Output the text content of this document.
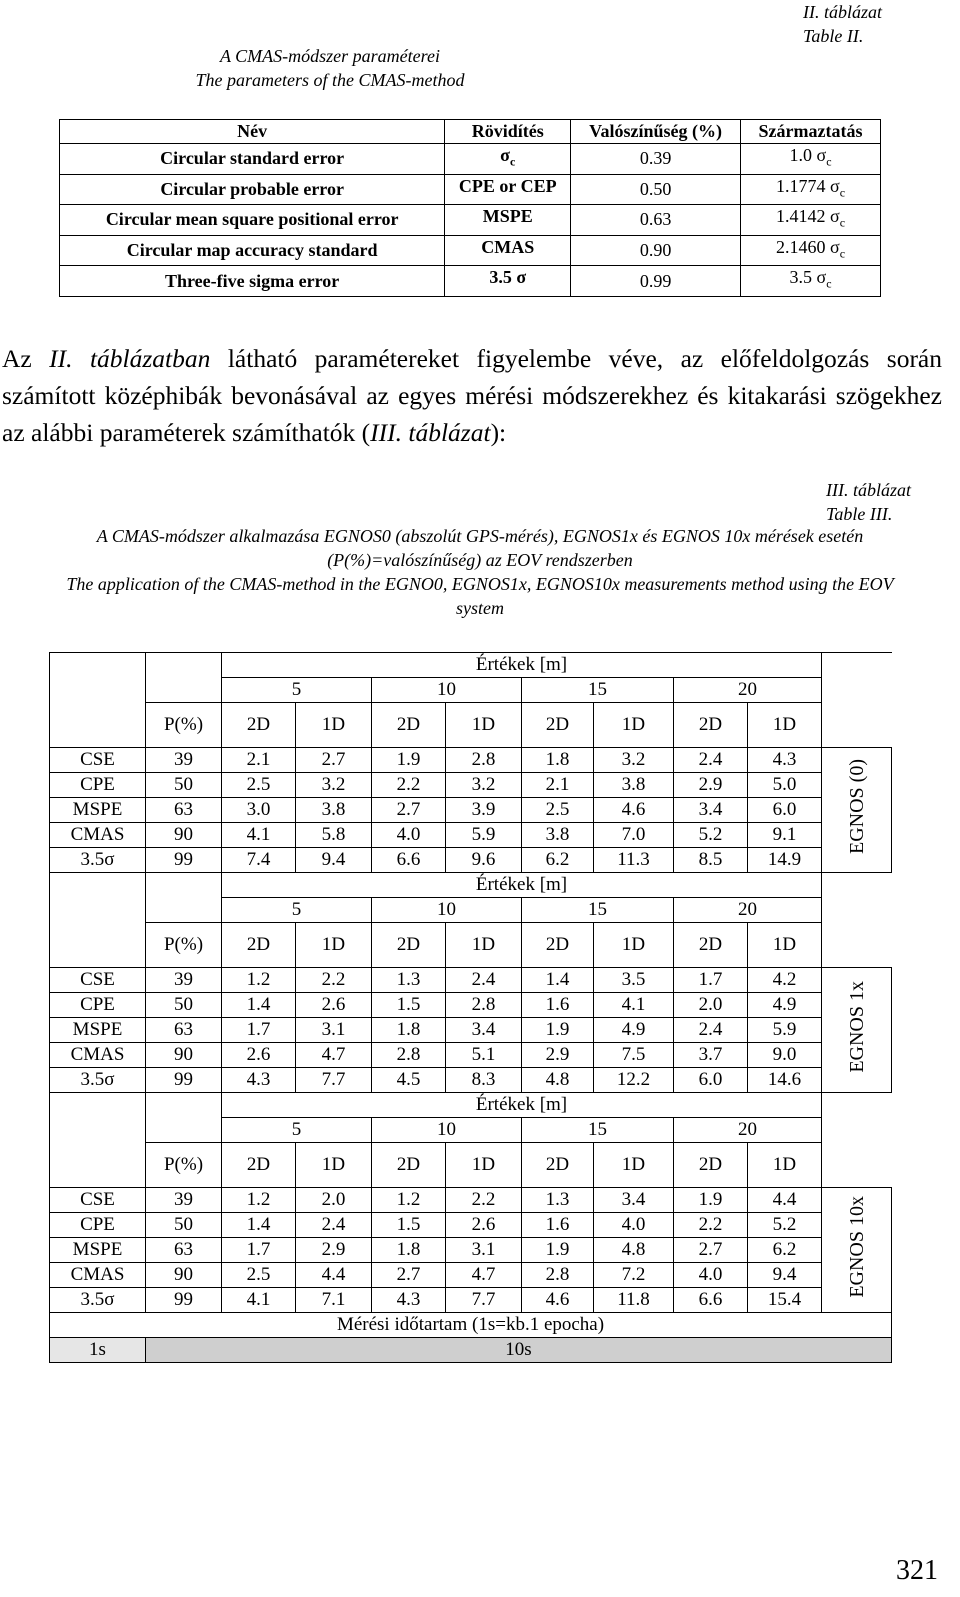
II. táblázat
Table II.
A CMAS-módszer paraméterei
The parameters of the CMAS-method
Név	Rövidítés	Valószínűség (%)	Származtatás
Circular standard error	$\sigma_c$	0.39	1.0 $\sigma_c$
Circular probable error	CPE or CEP	0.50	1.1774 $\sigma_c$
Circular mean square positional error	MSPE	0.63	1.4142 $\sigma_c$
Circular map accuracy standard	CMAS	0.90	2.1460 $\sigma_c$
Three-five sigma error	3.5 σ	0.99	3.5 $\sigma_c$
Az II. táblázatban látható paramétereket figyelembe véve, az előfeldolgozás során számított középhibák bevonásával az egyes mérési módszerekhez és kitakarási szögekhez az alábbi paraméterek számíthatók (III. táblázat):
III. táblázat
Table III.
A CMAS-módszer alkalmazása EGNOS0 (abszolút GPS-mérés), EGNOS1x és EGNOS 10x mérések esetén
(P(%)=valószínűség) az EOV rendszerben
The application of the CMAS-method in the EGNO0, EGNOS1x, EGNOS10x measurements method using the EOV
system
		Értékek [m]								
		5		10		15		20		
	P(%)	2D	1D	2D	1D	2D	1D	2D	1D	
CSE	39	2.1	2.7	1.9	2.8	1.8	3.2	2.4	4.3	EGNOS (0)
CPE	50	2.5	3.2	2.2	3.2	2.1	3.8	2.9	5.0	
MSPE	63	3.0	3.8	2.7	3.9	2.5	4.6	3.4	6.0	
CMAS	90	4.1	5.8	4.0	5.9	3.8	7.0	5.2	9.1	
3.5σ	99	7.4	9.4	6.6	9.6	6.2	11.3	8.5	14.9	
		Értékek [m]								
		5		10		15		20		
	P(%)	2D	1D	2D	1D	2D	1D	2D	1D	
CSE	39	1.2	2.2	1.3	2.4	1.4	3.5	1.7	4.2	EGNOS 1x
CPE	50	1.4	2.6	1.5	2.8	1.6	4.1	2.0	4.9	
MSPE	63	1.7	3.1	1.8	3.4	1.9	4.9	2.4	5.9	
CMAS	90	2.6	4.7	2.8	5.1	2.9	7.5	3.7	9.0	
3.5σ	99	4.3	7.7	4.5	8.3	4.8	12.2	6.0	14.6	
		Értékek [m]								
		5		10		15		20		
	P(%)	2D	1D	2D	1D	2D	1D	2D	1D	
CSE	39	1.2	2.0	1.2	2.2	1.3	3.4	1.9	4.4	EGNOS 10x
CPE	50	1.4	2.4	1.5	2.6	1.6	4.0	2.2	5.2	
MSPE	63	1.7	2.9	1.8	3.1	1.9	4.8	2.7	6.2	
CMAS	90	2.5	4.4	2.7	4.7	2.8	7.2	4.0	9.4	
3.5σ	99	4.1	7.1	4.3	7.7	4.6	11.8	6.6	15.4	
Mérési időtartam (1s=kb.1 epocha)										
1s	10s									
321
